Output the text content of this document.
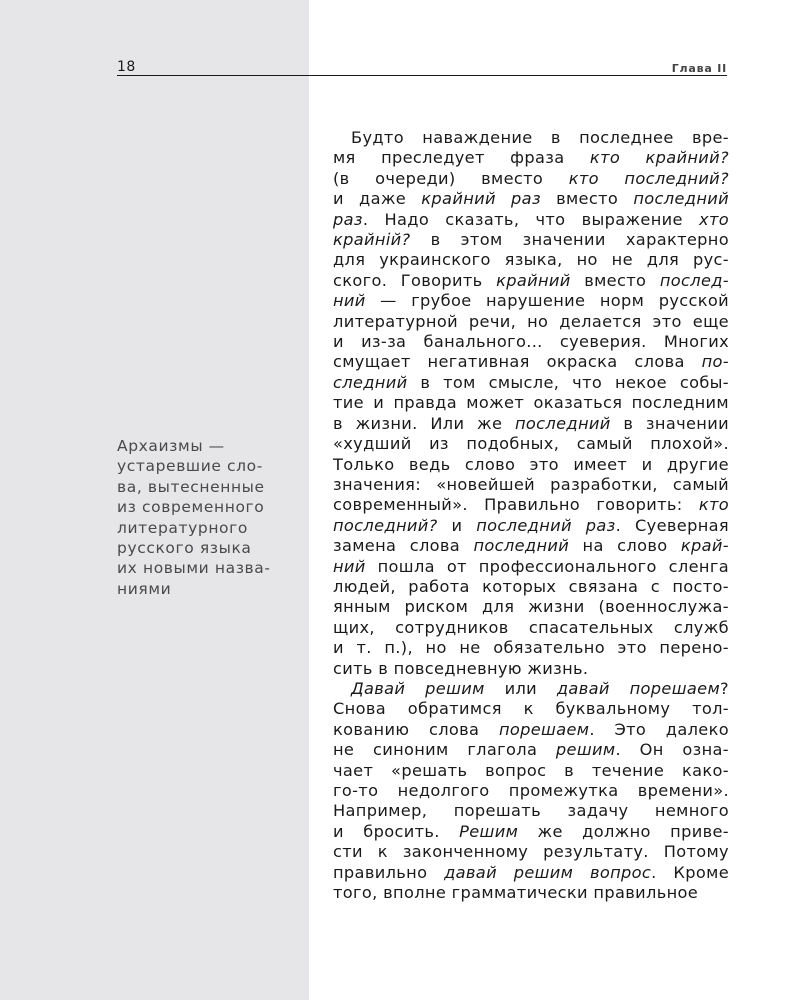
18	Глава II
Архаизмы —
устаревшие сло-
ва, вытесненные
из современного
литературного
русского языка
их новыми назва-
ниями
Будто наваждение в последнее вре-
мя преследует фраза кто крайний?
(в очереди) вместо кто последний?
и даже крайний раз вместо последний
раз. Надо сказать, что выражение хто
крайній? в этом значении характерно
для украинского языка, но не для рус-
ского. Говорить крайний вместо послед-
ний — грубое нарушение норм русской
литературной речи, но делается это еще
и из-за банального... суеверия. Многих
смущает негативная окраска слова по-
следний в том смысле, что некое собы-
тие и правда может оказаться последним
в жизни. Или же последний в значении
«худший из подобных, самый плохой».
Только ведь слово это имеет и другие
значения: «новейшей разработки, самый
современный». Правильно говорить: кто
последний? и последний раз. Суеверная
замена слова последний на слово край-
ний пошла от профессионального сленга
людей, работа которых связана с посто-
янным риском для жизни (военнослужа-
щих, сотрудников спасательных служб
и т. п.), но не обязательно это перено-
сить в повседневную жизнь.
Давай решим или давай порешаем?
Снова обратимся к буквальному тол-
кованию слова порешаем. Это далеко
не синоним глагола решим. Он озна-
чает «решать вопрос в течение како-
го-то недолгого промежутка времени».
Например, порешать задачу немного
и бросить. Решим же должно приве-
сти к законченному результату. Потому
правильно давай решим вопрос. Кроме
того, вполне грамматически правильное
